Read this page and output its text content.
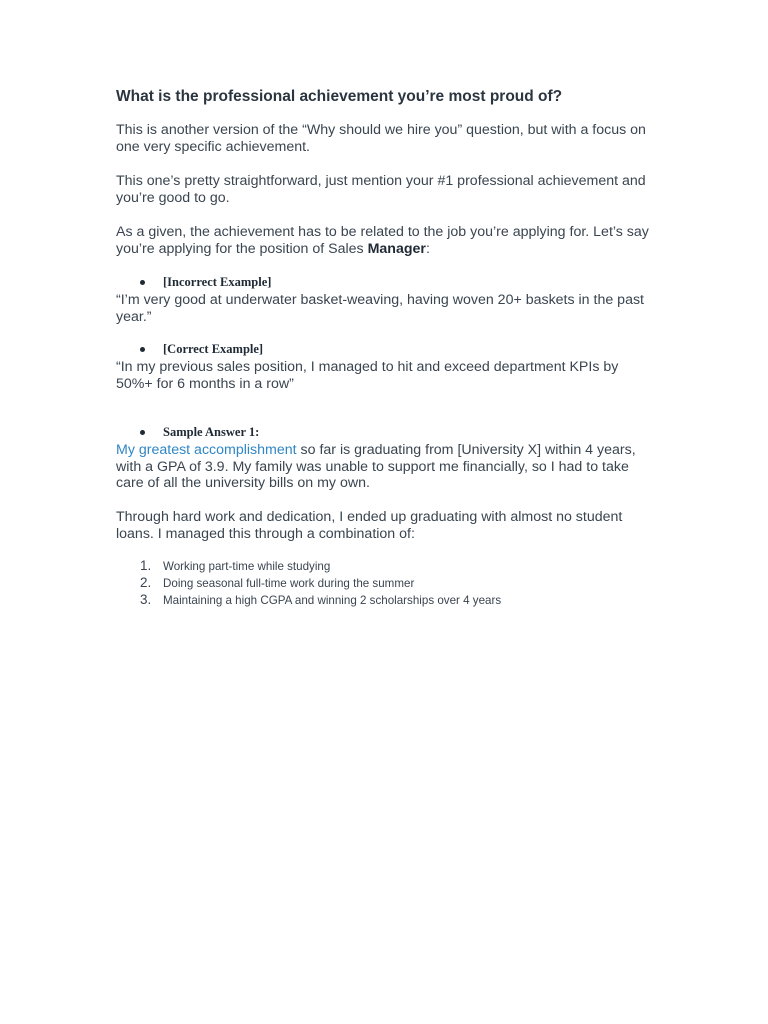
What is the professional achievement you’re most proud of?

This is another version of the “Why should we hire you” question, but with a focus on one very specific achievement.

This one’s pretty straightforward, just mention your #1 professional achievement and you’re good to go.

As a given, the achievement has to be related to the job you’re applying for. Let’s say you’re applying for the position of Sales Manager:

[Incorrect Example]

“I’m very good at underwater basket-weaving, having woven 20+ baskets in the past year.”

[Correct Example]

“In my previous sales position, I managed to hit and exceed department KPIs by 50%+ for 6 months in a row”

Sample Answer 1:

My greatest accomplishment so far is graduating from [University X] within 4 years, with a GPA of 3.9. My family was unable to support me financially, so I had to take care of all the university bills on my own.

Through hard work and dedication, I ended up graduating with almost no student loans. I managed this through a combination of:

1.	Working part-time while studying
2.	Doing seasonal full-time work during the summer
3.	Maintaining a high CGPA and winning 2 scholarships over 4 years
